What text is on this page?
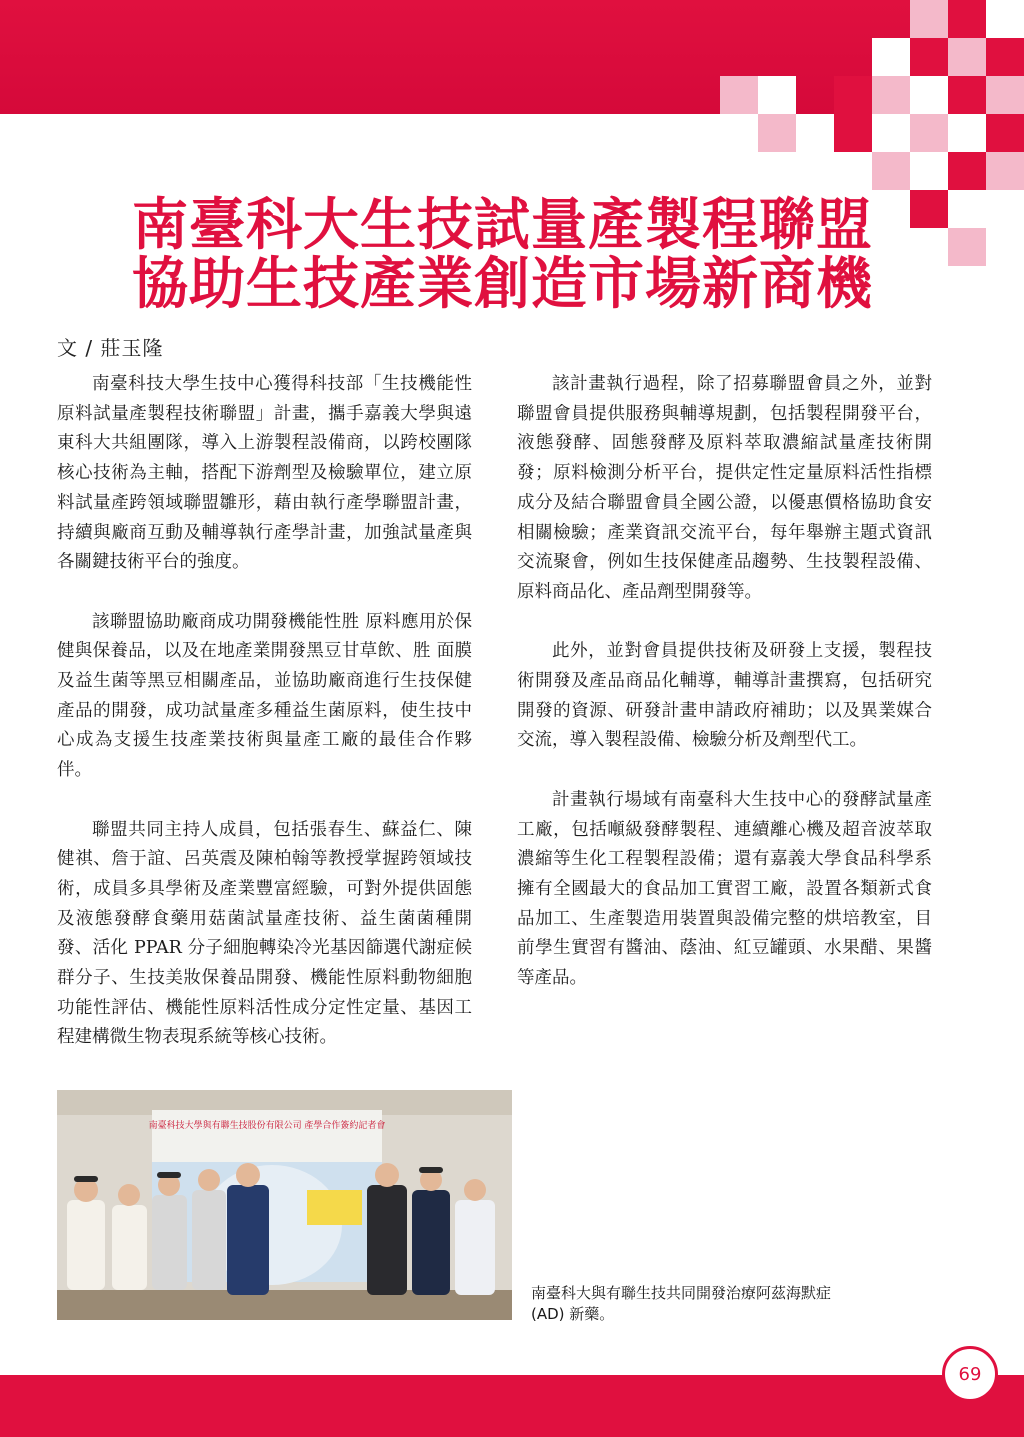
南臺科大生技試量產製程聯盟
協助生技產業創造市場新商機
文 / 莊玉隆

南臺科技大學生技中心獲得科技部「生技機能性原料試量產製程技術聯盟」計畫，攜手嘉義大學與遠東科大共組團隊，導入上游製程設備商，以跨校團隊核心技術為主軸，搭配下游劑型及檢驗單位，建立原料試量產跨領域聯盟雛形，藉由執行產學聯盟計畫，持續與廠商互動及輔導執行產學計畫，加強試量產與各關鍵技術平台的強度。

該聯盟協助廠商成功開發機能性胜 原料應用於保健與保養品，以及在地產業開發黑豆甘草飲、胜 面膜及益生菌等黑豆相關產品，並協助廠商進行生技保健產品的開發，成功試量產多種益生菌原料，使生技中心成為支援生技產業技術與量產工廠的最佳合作夥伴。

聯盟共同主持人成員，包括張春生、蘇益仁、陳健祺、詹于誼、呂英震及陳柏翰等教授掌握跨領域技術，成員多具學術及產業豐富經驗，可對外提供固態及液態發酵食藥用菇菌試量產技術、益生菌菌種開發、活化 PPAR 分子細胞轉染冷光基因篩選代謝症候群分子、生技美妝保養品開發、機能性原料動物細胞功能性評估、機能性原料活性成分定性定量、基因工程建構微生物表現系統等核心技術。

該計畫執行過程，除了招募聯盟會員之外，並對聯盟會員提供服務與輔導規劃，包括製程開發平台，液態發酵、固態發酵及原料萃取濃縮試量產技術開發；原料檢測分析平台，提供定性定量原料活性指標成分及結合聯盟會員全國公證，以優惠價格協助食安相關檢驗；產業資訊交流平台，每年舉辦主題式資訊交流聚會，例如生技保健產品趨勢、生技製程設備、原料商品化、產品劑型開發等。

此外，並對會員提供技術及研發上支援，製程技術開發及產品商品化輔導，輔導計畫撰寫，包括研究開發的資源、研發計畫申請政府補助；以及異業媒合交流，導入製程設備、檢驗分析及劑型代工。

計畫執行場域有南臺科大生技中心的發酵試量產工廠，包括噸級發酵製程、連續離心機及超音波萃取濃縮等生化工程製程設備；還有嘉義大學食品科學系擁有全國最大的食品加工實習工廠，設置各類新式食品加工、生產製造用裝置與設備完整的烘培教室，目前學生實習有醬油、蔭油、紅豆罐頭、水果醋、果醬等產品。

南臺科技大學與有聯生技股份有限公司 產學合作簽約記者會
南臺科大與有聯生技共同開發治療阿茲海默症 (AD) 新藥。
69
